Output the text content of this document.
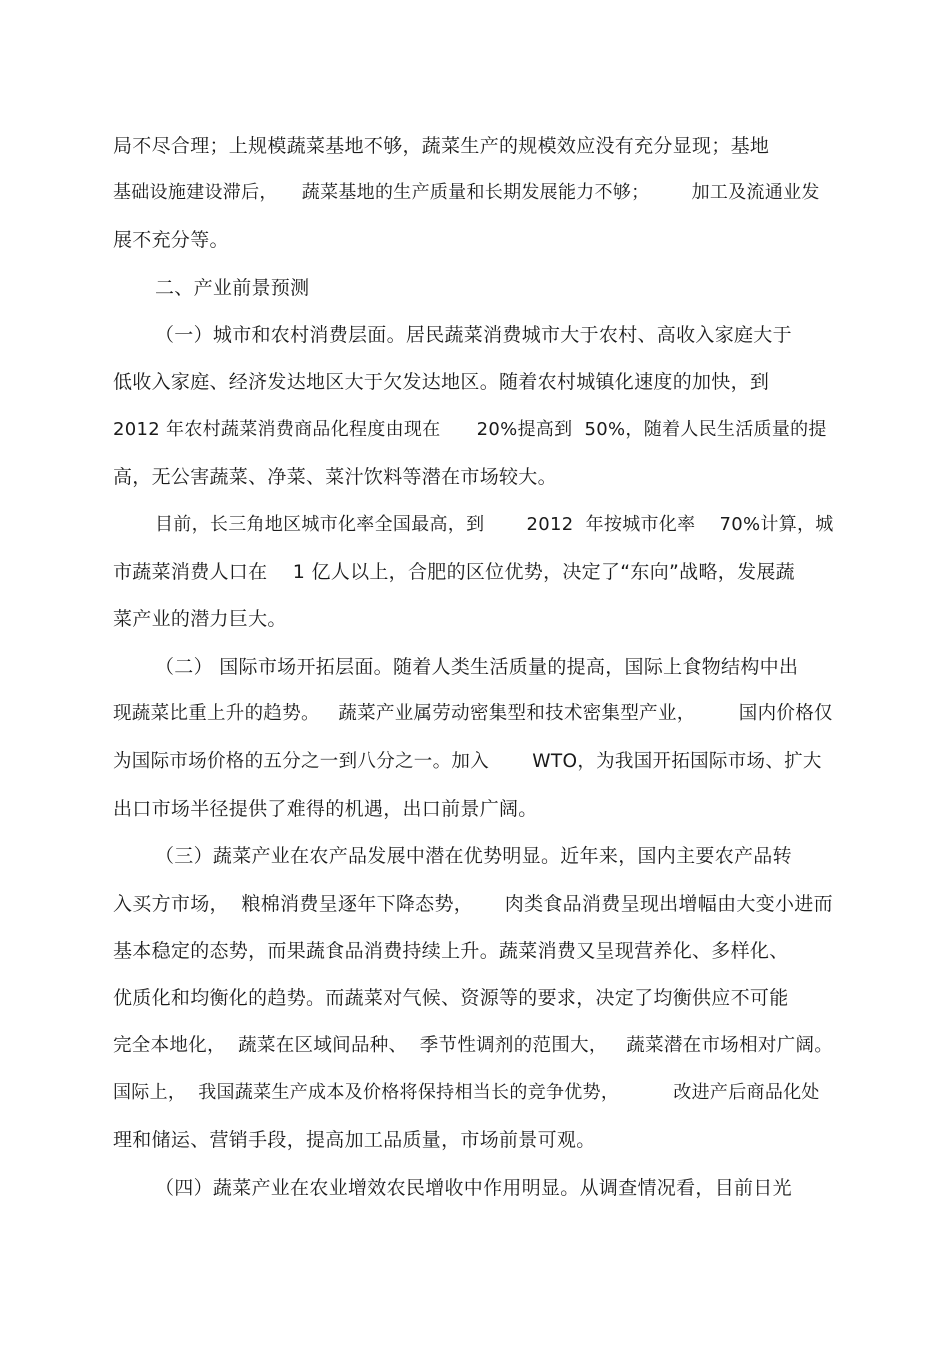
局不尽合理；上规模蔬菜基地不够，蔬菜生产的规模效应没有充分显现；基地
基础设施建设滞后，    蔬菜基地的生产质量和长期发展能力不够；       加工及流通业发
展不充分等。
二、产业前景预测
（一）城市和农村消费层面。居民蔬菜消费城市大于农村、高收入家庭大于
低收入家庭、经济发达地区大于欠发达地区。随着农村城镇化速度的加快，到
2012 年农村蔬菜消费商品化程度由现在      20%提高到  50%，随着人民生活质量的提
高，无公害蔬菜、净菜、菜汁饮料等潜在市场较大。
目前，长三角地区城市化率全国最高，到       2012  年按城市化率    70%计算，城
市蔬菜消费人口在    1 亿人以上，合肥的区位优势，决定了“东向”战略，发展蔬
菜产业的潜力巨大。
（二） 国际市场开拓层面。随着人类生活质量的提高，国际上食物结构中出
现蔬菜比重上升的趋势。   蔬菜产业属劳动密集型和技术密集型产业，       国内价格仅
为国际市场价格的五分之一到八分之一。加入       WTO，为我国开拓国际市场、扩大
出口市场半径提供了难得的机遇，出口前景广阔。
（三）蔬菜产业在农产品发展中潜在优势明显。近年来，国内主要农产品转
入买方市场，  粮棉消费呈逐年下降态势，     肉类食品消费呈现出增幅由大变小进而
基本稳定的态势，而果蔬食品消费持续上升。蔬菜消费又呈现营养化、多样化、
优质化和均衡化的趋势。而蔬菜对气候、资源等的要求，决定了均衡供应不可能
完全本地化，  蔬菜在区域间品种、  季节性调剂的范围大，   蔬菜潜在市场相对广阔。
国际上，  我国蔬菜生产成本及价格将保持相当长的竞争优势，         改进产后商品化处
理和储运、营销手段，提高加工品质量，市场前景可观。
（四）蔬菜产业在农业增效农民增收中作用明显。从调查情况看，目前日光
